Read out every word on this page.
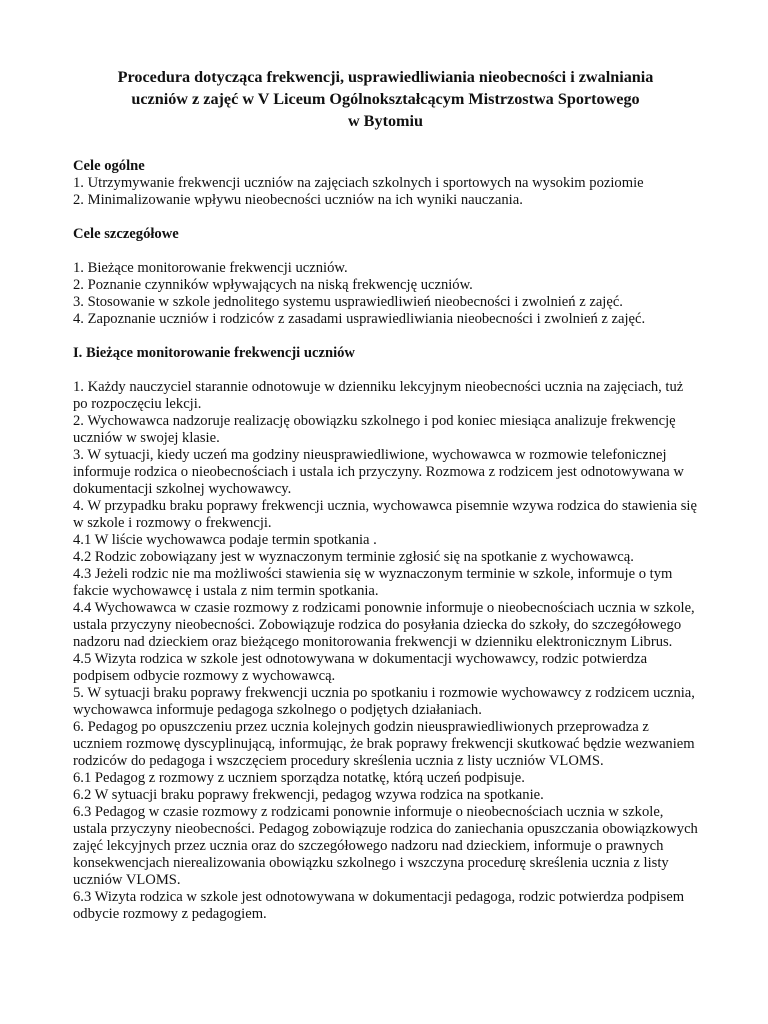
Procedura dotycząca frekwencji, usprawiedliwiania nieobecności i zwalniania
uczniów z zajęć w V Liceum Ogólnokształcącym Mistrzostwa Sportowego
w Bytomiu
Cele ogólne

1. Utrzymywanie frekwencji uczniów na zajęciach szkolnych i sportowych na wysokim poziomie

2. Minimalizowanie wpływu nieobecności uczniów na ich wyniki nauczania.

Cele szczegółowe

1. Bieżące monitorowanie frekwencji uczniów.

2. Poznanie czynników wpływających na niską frekwencję uczniów.

3. Stosowanie w szkole jednolitego systemu usprawiedliwień nieobecności i zwolnień z zajęć.

4. Zapoznanie uczniów i rodziców z zasadami usprawiedliwiania nieobecności i zwolnień z zajęć.

I. Bieżące monitorowanie frekwencji uczniów

1. Każdy nauczyciel starannie odnotowuje w dzienniku lekcyjnym nieobecności ucznia na zajęciach, tuż po rozpoczęciu lekcji.

2. Wychowawca nadzoruje realizację obowiązku szkolnego i pod koniec miesiąca analizuje frekwencję uczniów w swojej klasie.

3. W sytuacji, kiedy uczeń ma godziny nieusprawiedliwione, wychowawca w rozmowie telefonicznej informuje rodzica o nieobecnościach i ustala ich przyczyny. Rozmowa z rodzicem jest odnotowywana w dokumentacji szkolnej wychowawcy.

4. W przypadku braku poprawy frekwencji ucznia, wychowawca pisemnie wzywa rodzica do stawienia się w szkole i rozmowy o frekwencji.

4.1 W liście wychowawca podaje termin spotkania .

4.2 Rodzic zobowiązany jest w wyznaczonym terminie zgłosić się na spotkanie z wychowawcą.

4.3 Jeżeli rodzic nie ma możliwości stawienia się w wyznaczonym terminie w szkole, informuje o tym fakcie wychowawcę i ustala z nim termin spotkania.

4.4 Wychowawca w czasie rozmowy z rodzicami ponownie informuje o nieobecnościach ucznia w szkole, ustala przyczyny nieobecności. Zobowiązuje rodzica do posyłania dziecka do szkoły, do szczegółowego nadzoru nad dzieckiem oraz bieżącego monitorowania frekwencji w dzienniku elektronicznym Librus.

4.5 Wizyta rodzica w szkole jest odnotowywana w dokumentacji wychowawcy, rodzic potwierdza podpisem odbycie rozmowy z wychowawcą.

5. W sytuacji braku poprawy frekwencji ucznia po spotkaniu i rozmowie wychowawcy z rodzicem ucznia, wychowawca informuje pedagoga szkolnego o podjętych działaniach.

6. Pedagog po opuszczeniu przez ucznia kolejnych godzin nieusprawiedliwionych przeprowadza z uczniem rozmowę dyscyplinującą, informując, że brak poprawy frekwencji skutkować będzie wezwaniem rodziców do pedagoga i wszczęciem procedury skreślenia ucznia z listy uczniów VLOMS.

6.1 Pedagog z rozmowy z uczniem sporządza notatkę, którą uczeń podpisuje.

6.2 W sytuacji braku poprawy frekwencji, pedagog wzywa rodzica na spotkanie.

6.3 Pedagog w czasie rozmowy z rodzicami ponownie informuje o nieobecnościach ucznia w szkole, ustala przyczyny nieobecności. Pedagog zobowiązuje rodzica do zaniechania opuszczania obowiązkowych zajęć lekcyjnych przez ucznia oraz do szczegółowego nadzoru nad dzieckiem, informuje o prawnych konsekwencjach nierealizowania obowiązku szkolnego i wszczyna procedurę skreślenia ucznia z listy uczniów VLOMS.

6.3 Wizyta rodzica w szkole jest odnotowywana w dokumentacji pedagoga, rodzic potwierdza podpisem odbycie rozmowy z pedagogiem.
